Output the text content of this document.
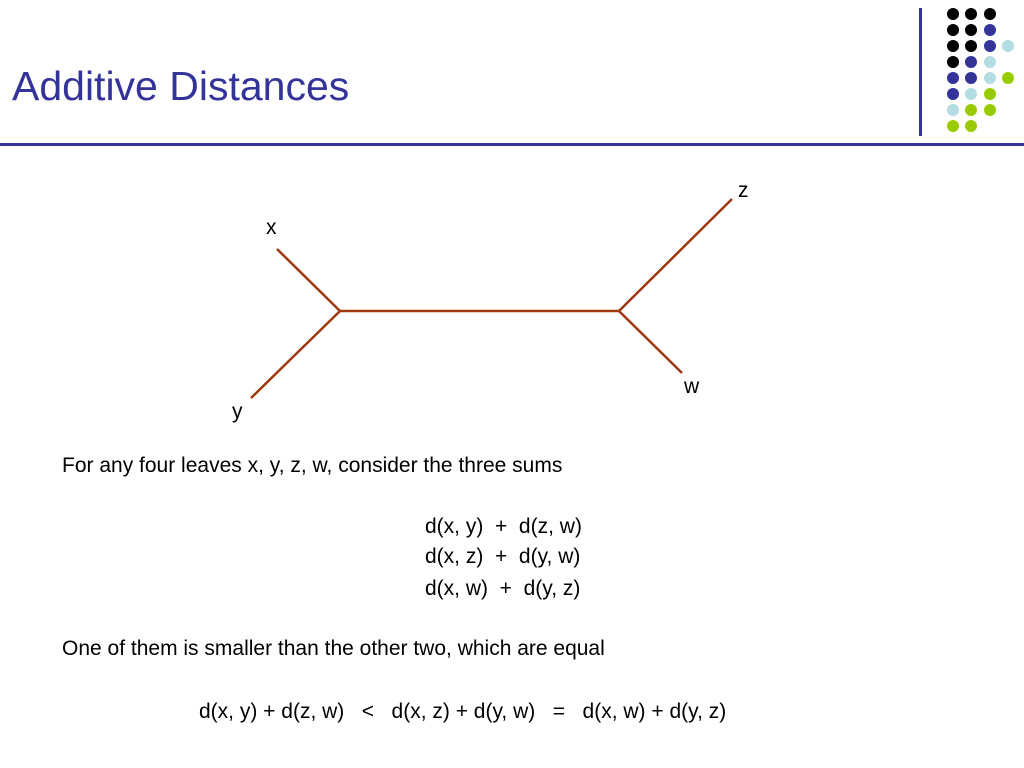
Additive Distances
x
y
z
w
For any four leaves x, y, z, w, consider the three sums
d(x, y)  +  d(z, w)
d(x, z)  +  d(y, w)
d(x, w)  +  d(y, z)
One of them is smaller than the other two, which are equal
d(x, y) + d(z, w)   <   d(x, z) + d(y, w)   =   d(x, w) + d(y, z)
